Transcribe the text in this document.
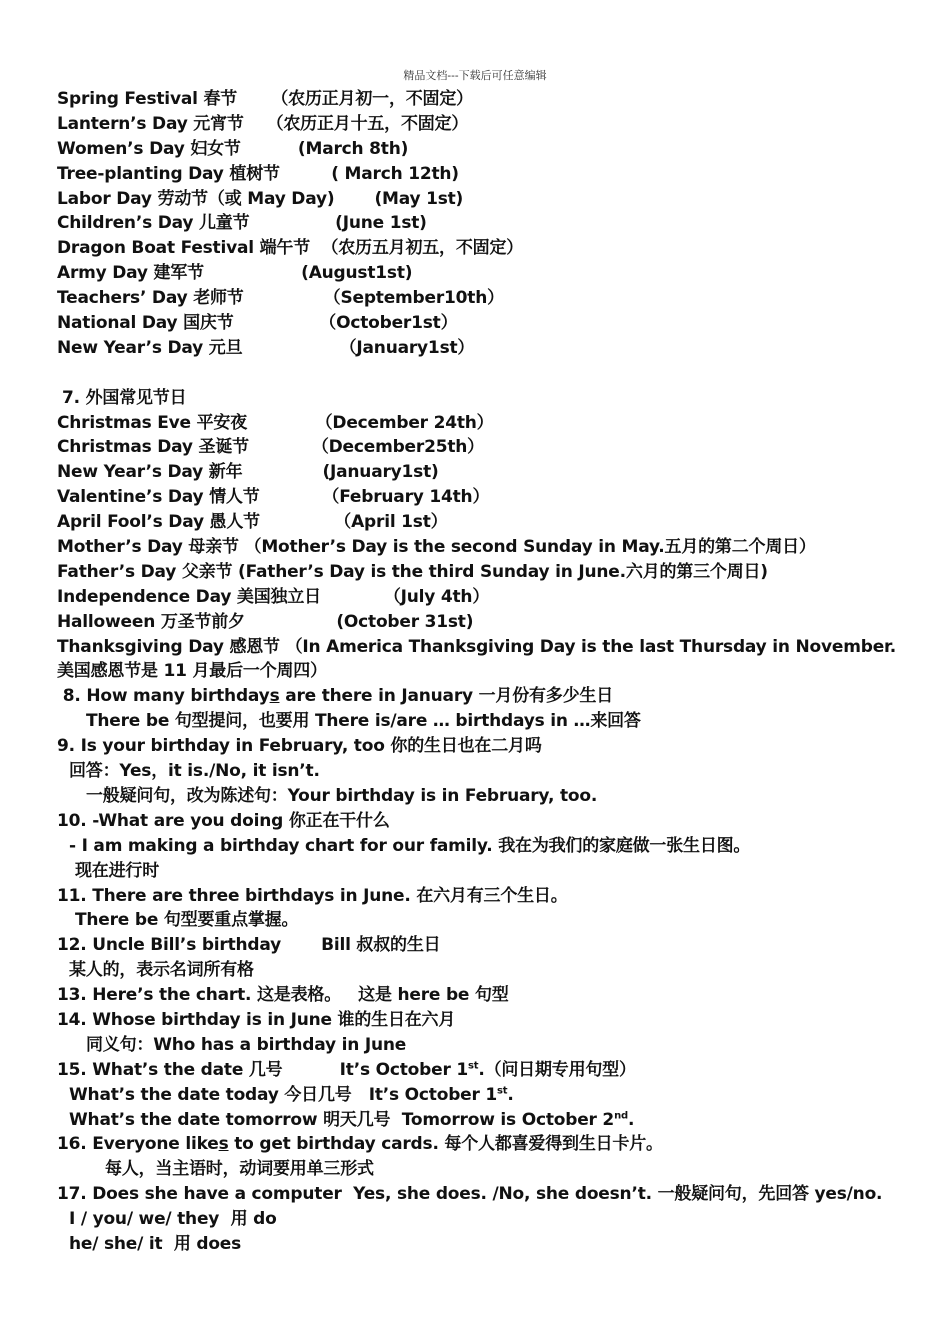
精品文档---下载后可任意编辑
Spring Festival 春节      （农历正月初一，不固定）
Lantern’s Day 元宵节    （农历正月十五，不固定）
Women’s Day 妇女节          (March 8th)
Tree-planting Day 植树节         ( March 12th)
Labor Day 劳动节（或 May Day)       (May 1st)
Children’s Day 儿童节               (June 1st)
Dragon Boat Festival 端午节  （农历五月初五，不固定）
Army Day 建军节                 (August1st)
Teachers’ Day 老师节              （September10th）
National Day 国庆节               （October1st）
New Year’s Day 元旦                 （January1st）
7. 外国常见节日
Christmas Eve 平安夜            （December 24th）
Christmas Day 圣诞节           （December25th）
New Year’s Day 新年              (January1st)
Valentine’s Day 情人节           （February 14th）
April Fool’s Day 愚人节             （April 1st）
Mother’s Day 母亲节 （Mother’s Day is the second Sunday in May.五月的第二个周日）
Father’s Day 父亲节 (Father’s Day is the third Sunday in June.六月的第三个周日)
Independence Day 美国独立日           （July 4th）
Halloween 万圣节前夕                (October 31st)
Thanksgiving Day 感恩节 （In America Thanksgiving Day is the last Thursday in November.
美国感恩节是 11 月最后一个周四）
8. How many birthdays are there in January 一月份有多少生日
There be 句型提问，也要用 There is/are … birthdays in …来回答
9. Is your birthday in February, too 你的生日也在二月吗
回答：Yes，it is./No, it isn’t.
一般疑问句，改为陈述句：Your birthday is in February, too.
10. -What are you doing 你正在干什么
- I am making a birthday chart for our family. 我在为我们的家庭做一张生日图。
现在进行时
11. There are three birthdays in June. 在六月有三个生日。
There be 句型要重点掌握。
12. Uncle Bill’s birthday       Bill 叔叔的生日
某人的，表示名词所有格
13. Here’s the chart. 这是表格。   这是 here be 句型
14. Whose birthday is in June 谁的生日在六月
同义句：Who has a birthday in June
15. What’s the date 几号          It’s October 1st.（问日期专用句型）
What’s the date today 今日几号   It’s October 1st.
What’s the date tomorrow 明天几号  Tomorrow is October 2nd.
16. Everyone likes to get birthday cards. 每个人都喜爱得到生日卡片。
每人，当主语时，动词要用单三形式
17. Does she have a computer  Yes, she does. /No, she doesn’t. 一般疑问句，先回答 yes/no.
I / you/ we/ they  用 do
he/ she/ it  用 does
